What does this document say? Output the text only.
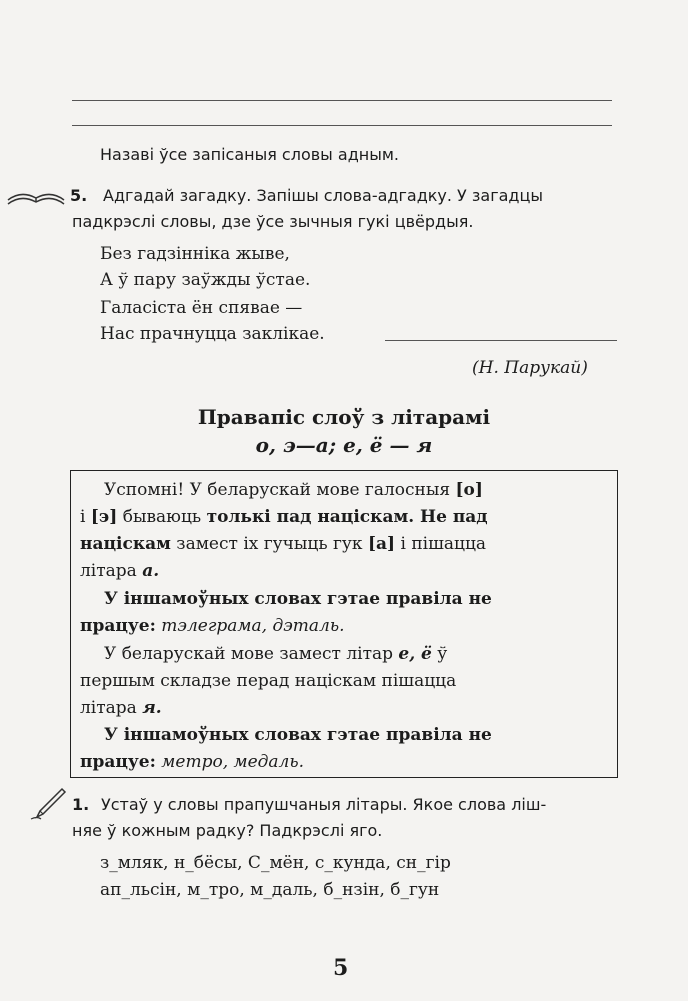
Назаві ўсе запісаныя словы адным.
5. Адгадай загадку. Запішы слова-адгадку. У загадцы
падкрэслі словы, дзе ўсе зычныя гукі цвёрдыя.
Без гадзінніка жыве,
А ў пару заўжды ўстае.
Галасіста ён спявае —
Нас прачнуцца заклікае.
(Н. Парукай)
Правапіс слоў з літарамі
о, э—а; е, ё — я
Успомні! У беларускай мове галосныя [о]
і [э] бываюць толькі пад націскам. Не пад
націскам замест іх гучыць гук [а] і пішацца
літара а.
У іншамоўных словах гэтае правіла не
працуе: тэлеграма, дэталь.
У беларускай мове замест літар е, ё ў
першым складзе перад націскам пішацца
літара я.
У іншамоўных словах гэтае правіла не
працуе: метро, медаль.
1. Устаў у словы прапушчаныя літары. Якое слова ліш-
няе ў кожным радку? Падкрэслі яго.
з_мляк, н_бёсы, С_мён, с_кунда, сн_гір
ап_льсін, м_тро, м_даль, б_нзін, б_гун
5
